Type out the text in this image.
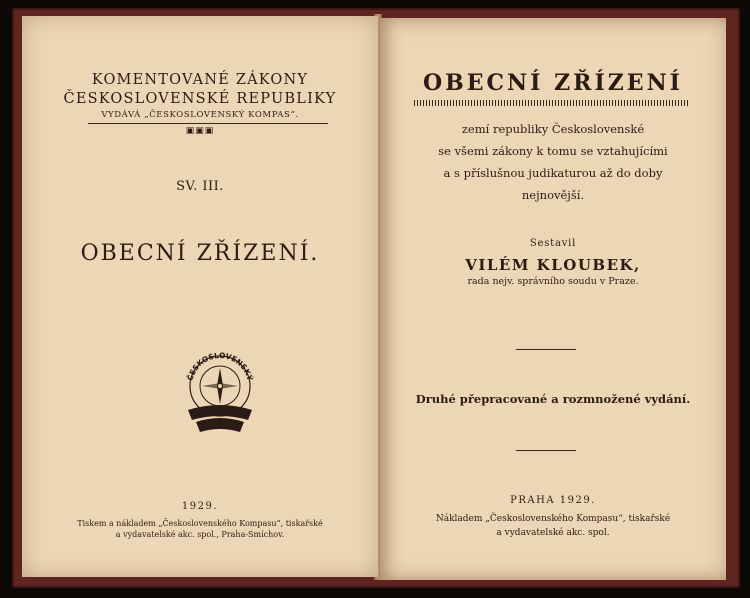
KOMENTOVANÉ ZÁKONY
ČESKOSLOVENSKÉ REPUBLIKY
VYDÁVÁ „ČESKOSLOVENSKÝ KOMPAS“.
▣▣▣
SV. III.
OBECNÍ ZŘÍZENÍ.
ČESKOSLOVENSKÝ
1929.
Tiskem a nákladem „Československého Kompasu“, tiskařské
a vydavatelské akc. spol., Praha-Smíchov.
OBECNÍ ZŘÍZENÍ
zemí republiky Československé
se všemi zákony k tomu se vztahujícími
a s příslušnou judikaturou až do doby
nejnovější.
Sestavil
VILÉM KLOUBEK,
rada nejv. správního soudu v Praze.
Druhé přepracované a rozmnožené vydání.
PRAHA 1929.
Nákladem „Československého Kompasu“, tiskařské
a vydavatelské akc. spol.
